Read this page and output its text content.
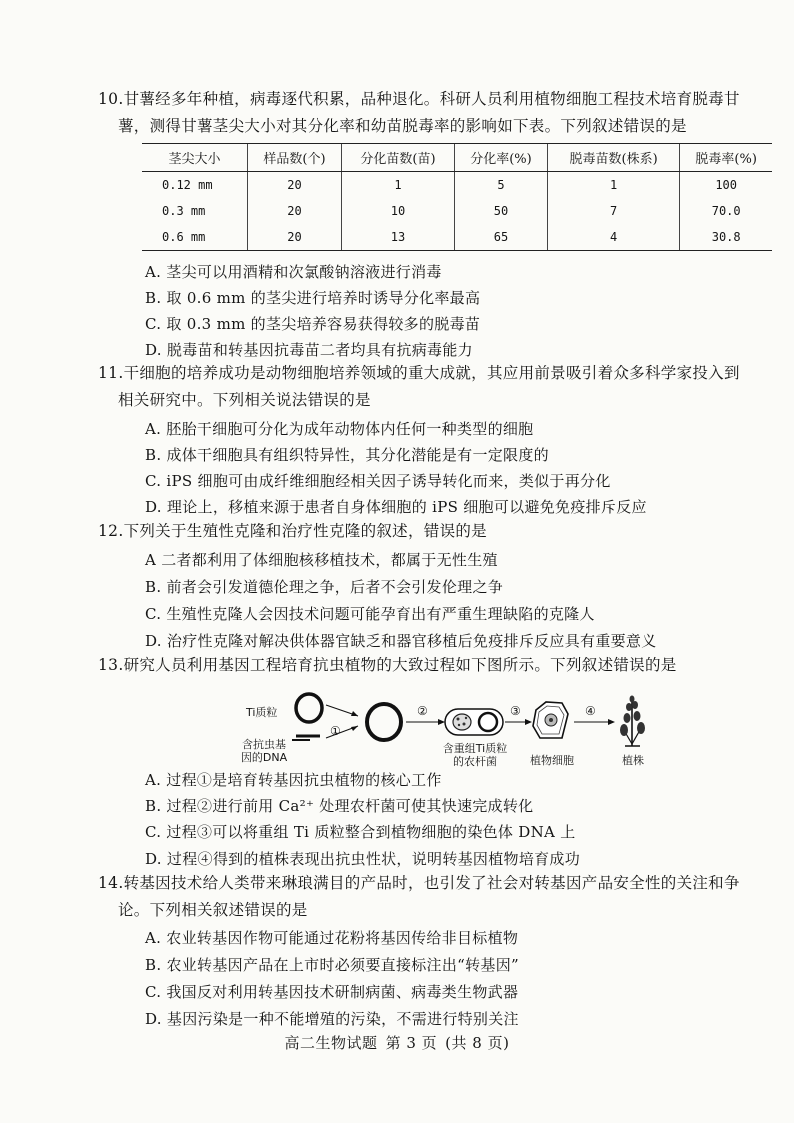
10.甘薯经多年种植，病毒逐代积累，品种退化。科研人员利用植物细胞工程技术培育脱毒甘
薯，测得甘薯茎尖大小对其分化率和幼苗脱毒率的影响如下表。下列叙述错误的是
茎尖大小	样品数(个)	分化苗数(苗)	分化率(%)	脱毒苗数(株系)	脱毒率(%)
0.12 mm	20	1	5	1	100
0.3 mm	20	10	50	7	70.0
0.6 mm	20	13	65	4	30.8
A. 茎尖可以用酒精和次氯酸钠溶液进行消毒
B. 取 0.6 mm 的茎尖进行培养时诱导分化率最高
C. 取 0.3 mm 的茎尖培养容易获得较多的脱毒苗
D. 脱毒苗和转基因抗毒苗二者均具有抗病毒能力
11.干细胞的培养成功是动物细胞培养领域的重大成就，其应用前景吸引着众多科学家投入到
相关研究中。下列相关说法错误的是
A. 胚胎干细胞可分化为成年动物体内任何一种类型的细胞
B. 成体干细胞具有组织特异性，其分化潜能是有一定限度的
C. iPS 细胞可由成纤维细胞经相关因子诱导转化而来，类似于再分化
D. 理论上，移植来源于患者自身体细胞的 iPS 细胞可以避免免疫排斥反应
12.下列关于生殖性克隆和治疗性克隆的叙述，错误的是
A 二者都利用了体细胞核移植技术，都属于无性生殖
B. 前者会引发道德伦理之争，后者不会引发伦理之争
C. 生殖性克隆人会因技术问题可能孕育出有严重生理缺陷的克隆人
D. 治疗性克隆对解决供体器官缺乏和器官移植后免疫排斥反应具有重要意义
13.研究人员利用基因工程培育抗虫植物的大致过程如下图所示。下列叙述错误的是
Ti质粒
含抗虫基
因的DNA
①
②	③	④
含重组Ti质粒
的农杆菌	植物细胞	植株
A. 过程①是培育转基因抗虫植物的核心工作
B. 过程②进行前用 Ca²⁺ 处理农杆菌可使其快速完成转化
C. 过程③可以将重组 Ti 质粒整合到植物细胞的染色体 DNA 上
D. 过程④得到的植株表现出抗虫性状，说明转基因植物培育成功
14.转基因技术给人类带来琳琅满目的产品时，也引发了社会对转基因产品安全性的关注和争
论。下列相关叙述错误的是
A. 农业转基因作物可能通过花粉将基因传给非目标植物
B. 农业转基因产品在上市时必须要直接标注出“转基因”
C. 我国反对利用转基因技术研制病菌、病毒类生物武器
D. 基因污染是一种不能增殖的污染，不需进行特别关注
高二生物试题 第 3 页 (共 8 页)
